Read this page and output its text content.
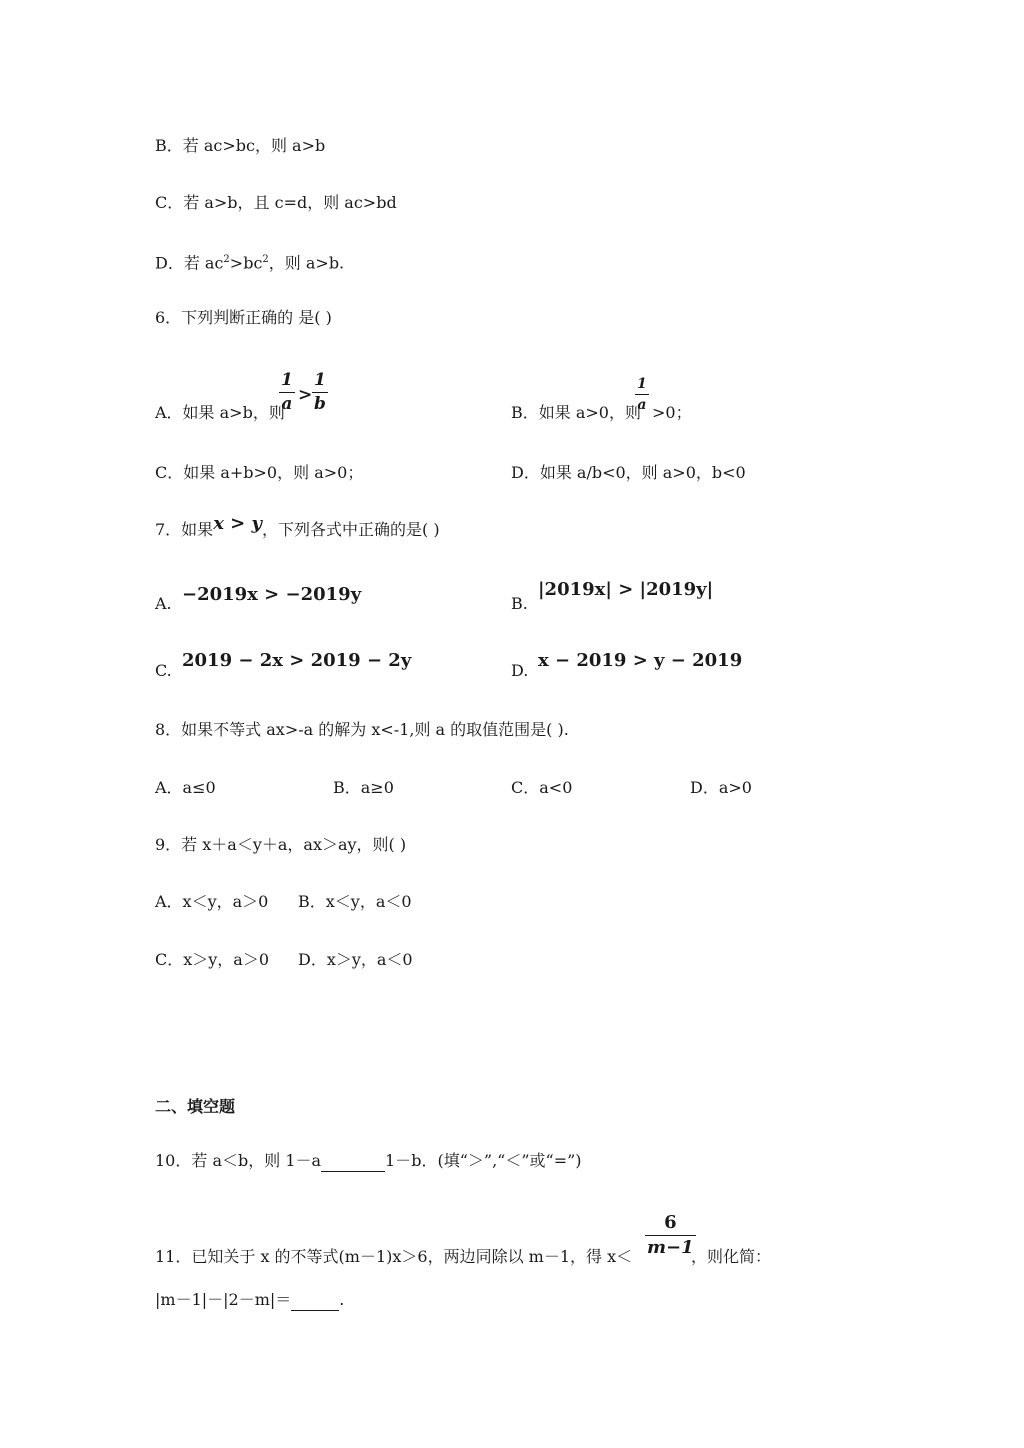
B．若 ac>bc，则 a>b
C．若 a>b，且 c=d，则 ac>bd
D．若 $ac^2>bc^2$，则 a>b.
6．下列判断正确的 是( )
A．如果 a>b，则
1
a >
1
b	B．如果 a>0，则
1
a >0；
C．如果 a+b>0，则 a>0；	D．如果 a/b<0，则 a>0，b<0
7．如果x > y，下列各式中正确的是( )
A. −2019x > −2019y	B.
|2019x| > |2019y|
C. 2019 − 2x > 2019 − 2y	D. x − 2019 > y − 2019
8．如果不等式 ax>-a 的解为 x<-1,则 a 的取值范围是( ).
A．a≤0	B．a≥0	C．a<0	D．a>0
9．若 x＋a＜y＋a，ax＞ay，则( )
A．x＜y，a＞0 B．x＜y，a＜0
C．x＞y，a＞0 D．x＞y，a＜0
二、填空题
10．若 a＜b，则 1－a	1－b．(填“＞”,“＜”或“=”)
11．已知关于 x 的不等式(m－1)x＞6，两边同除以 m－1，得 x＜
6
m−1
，则化简：
|m－1|－|2－m|＝	.
